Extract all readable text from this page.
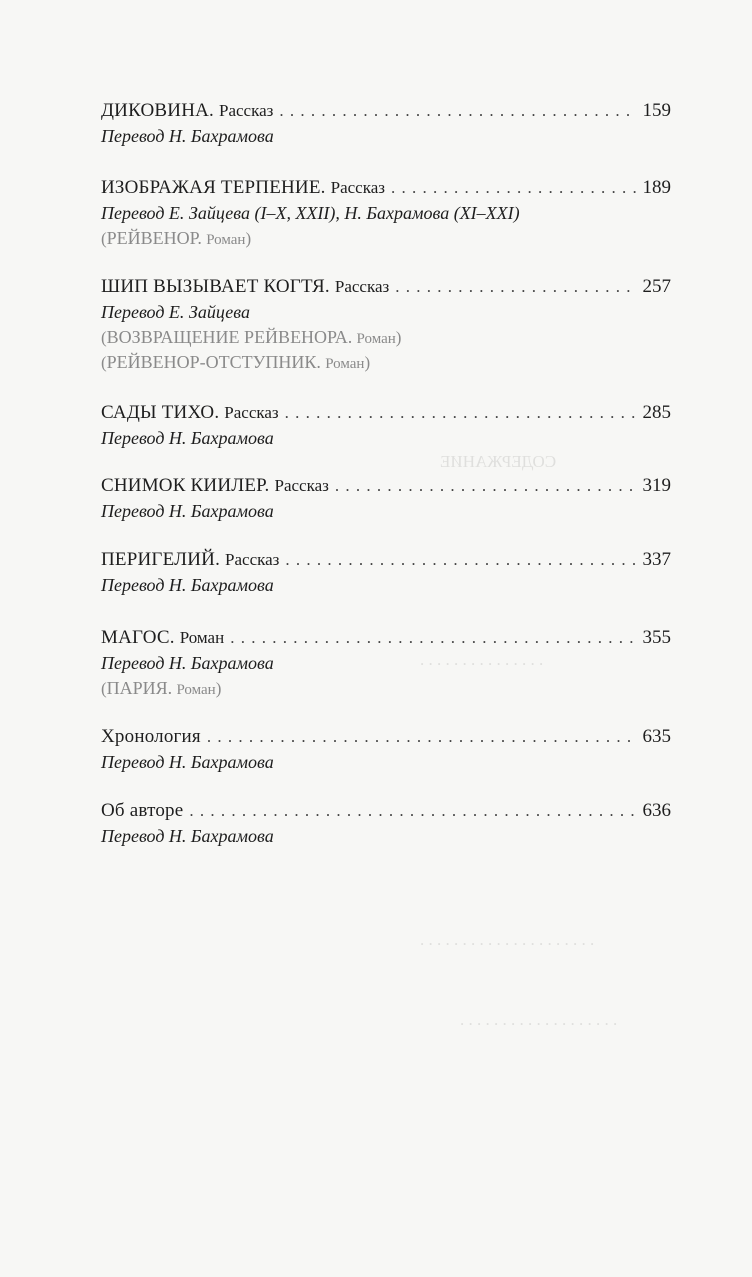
СОДЕРЖАНИЕ
. . . . . . . . . . . . . . .
. . . . . . . . . . . . . . . . . . . . .
. . . . . . . . . . . . . . . . . . .
ДИКОВИНА. Рассказ . . .	159
Перевод Н. Бахрамова
ИЗОБРАЖАЯ ТЕРПЕНИЕ. Рассказ . . .	189
Перевод Е. Зайцева (I–X, XXII), Н. Бахрамова (XI–XXI)
(РЕЙВЕНОР. Роман)
ШИП ВЫЗЫВАЕТ КОГТЯ. Рассказ . . .	257
Перевод Е. Зайцева
(ВОЗВРАЩЕНИЕ РЕЙВЕНОРА. Роман)
(РЕЙВЕНОР-ОТСТУПНИК. Роман)
САДЫ ТИХО. Рассказ . . .	285
Перевод Н. Бахрамова
СНИМОК КИИЛЕР. Рассказ . . .	319
Перевод Н. Бахрамова
ПЕРИГЕЛИЙ. Рассказ . . .	337
Перевод Н. Бахрамова
МАГОС. Роман . . .	355
Перевод Н. Бахрамова
(ПАРИЯ. Роман)
Хронология . . .	635
Перевод Н. Бахрамова
Об авторе . . .	636
Перевод Н. Бахрамова
